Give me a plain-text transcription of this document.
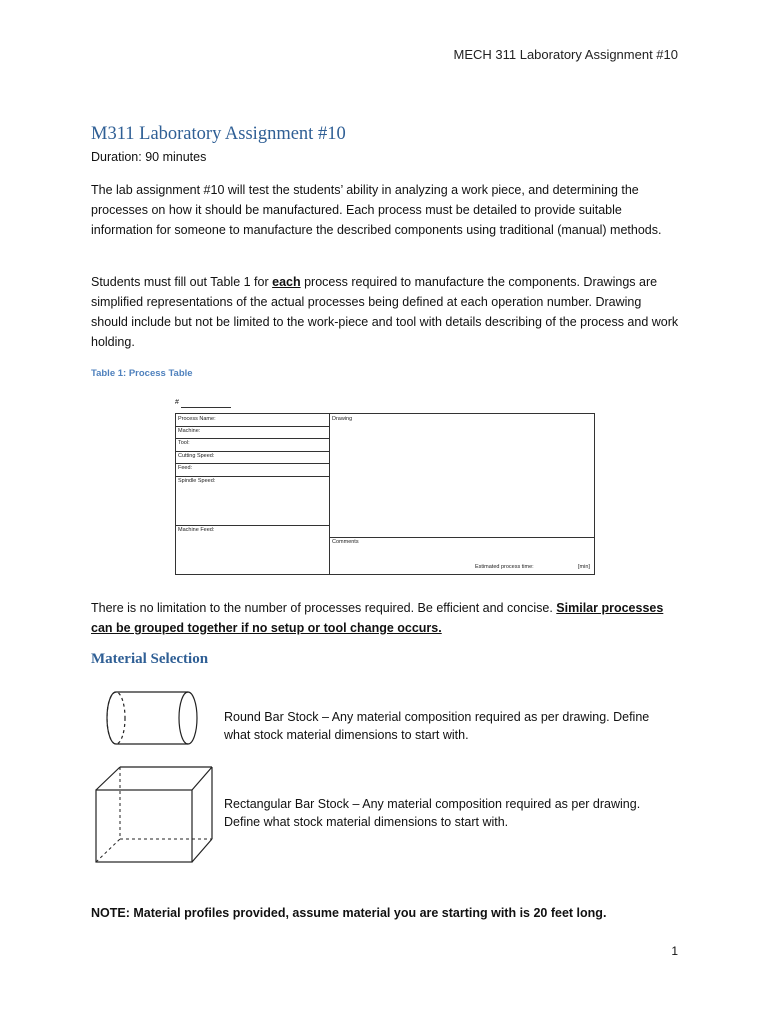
MECH 311 Laboratory Assignment #10
M311 Laboratory Assignment #10
Duration: 90 minutes
The lab assignment #10 will test the students’ ability in analyzing a work piece, and determining the processes on how it should be manufactured. Each process must be detailed to provide suitable information for someone to manufacture the described components using traditional (manual) methods.
Students must fill out Table 1 for each process required to manufacture the components. Drawings are simplified representations of the actual processes being defined at each operation number. Drawing should include but not be limited to the work-piece and tool with details describing of the process and work holding.
Table 1: Process Table
#
Process Name:
Machine:
Tool:
Cutting Speed:
Feed:
Spindle Speed:
Machine Feed:
Drawing
Comments
Estimated process time:	[min]
There is no limitation to the number of processes required. Be efficient and concise. Similar processes can be grouped together if no setup or tool change occurs.
Material Selection
Round Bar Stock – Any material composition required as per drawing. Define what stock material dimensions to start with.
Rectangular Bar Stock – Any material composition required as per drawing. Define what stock material dimensions to start with.
NOTE: Material profiles provided, assume material you are starting with is 20 feet long.
1
